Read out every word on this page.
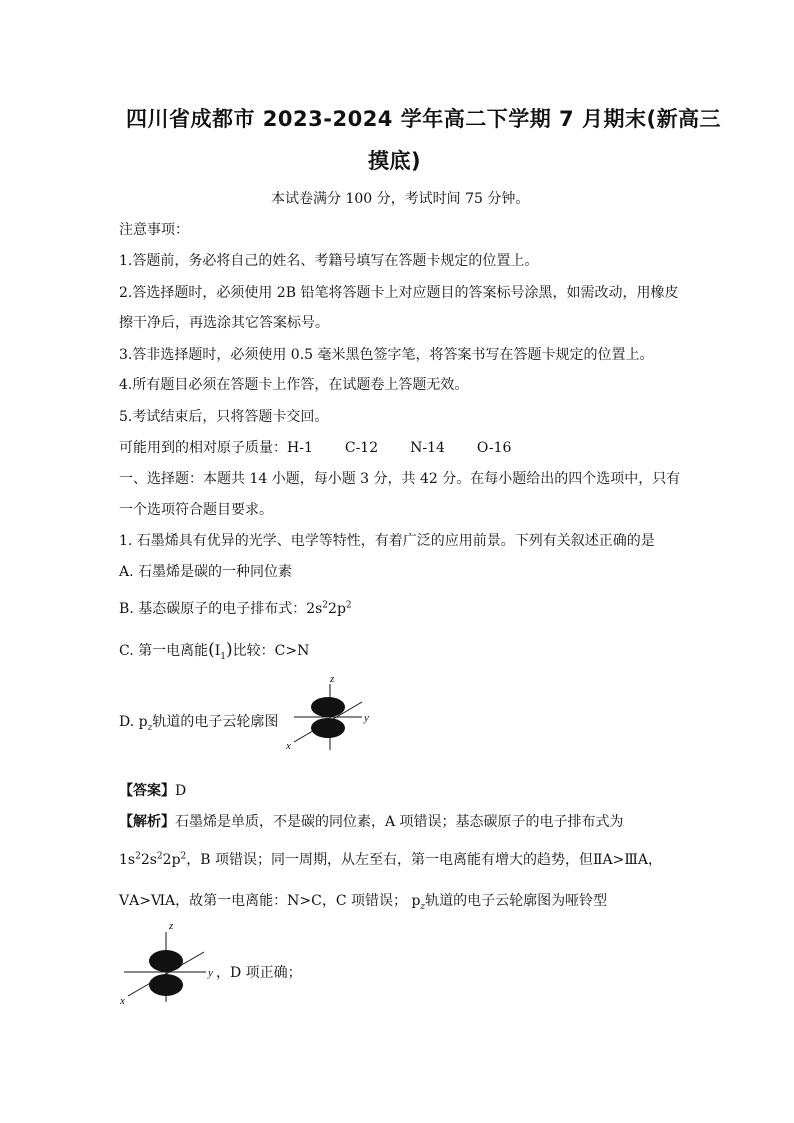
四川省成都市 2023-2024 学年高二下学期 7 月期末(新高三
摸底)
本试卷满分 100 分，考试时间 75 分钟。
注意事项：
1.答题前，务必将自己的姓名、考籍号填写在答题卡规定的位置上。
2.答选择题时，必须使用 2B 铅笔将答题卡上对应题目的答案标号涂黑，如需改动，用橡皮
擦干净后，再选涂其它答案标号。
3.答非选择题时，必须使用 0.5 毫米黑色签字笔，将答案书写在答题卡规定的位置上。
4.所有题目必须在答题卡上作答，在试题卷上答题无效。
5.考试结束后，只将答题卡交回。
可能用到的相对原子质量：H-1 C-12 N-14 O-16
一、选择题：本题共 14 小题，每小题 3 分，共 42 分。在每小题给出的四个选项中，只有
一个选项符合题目要求。
1. 石墨烯具有优异的光学、电学等特性，有着广泛的应用前景。下列有关叙述正确的是
A. 石墨烯是碳的一种同位素
B. 基态碳原子的电子排布式：$2s^22p^2$
C. 第一电离能$(I_1)$比较：C>N
D. $p_z$轨道的电子云轮廓图
z
y
x
【答案】D
【解析】石墨烯是单质，不是碳的同位素，A 项错误；基态碳原子的电子排布式为
$1s^22s^22p^2$，B 项错误；同一周期，从左至右，第一电离能有增大的趋势，但ⅡA>ⅢA，
ⅤA>ⅥA，故第一电离能：N>C，C 项错误； $p_z$轨道的电子云轮廓图为哑铃型
z
y
x
，D 项正确；
